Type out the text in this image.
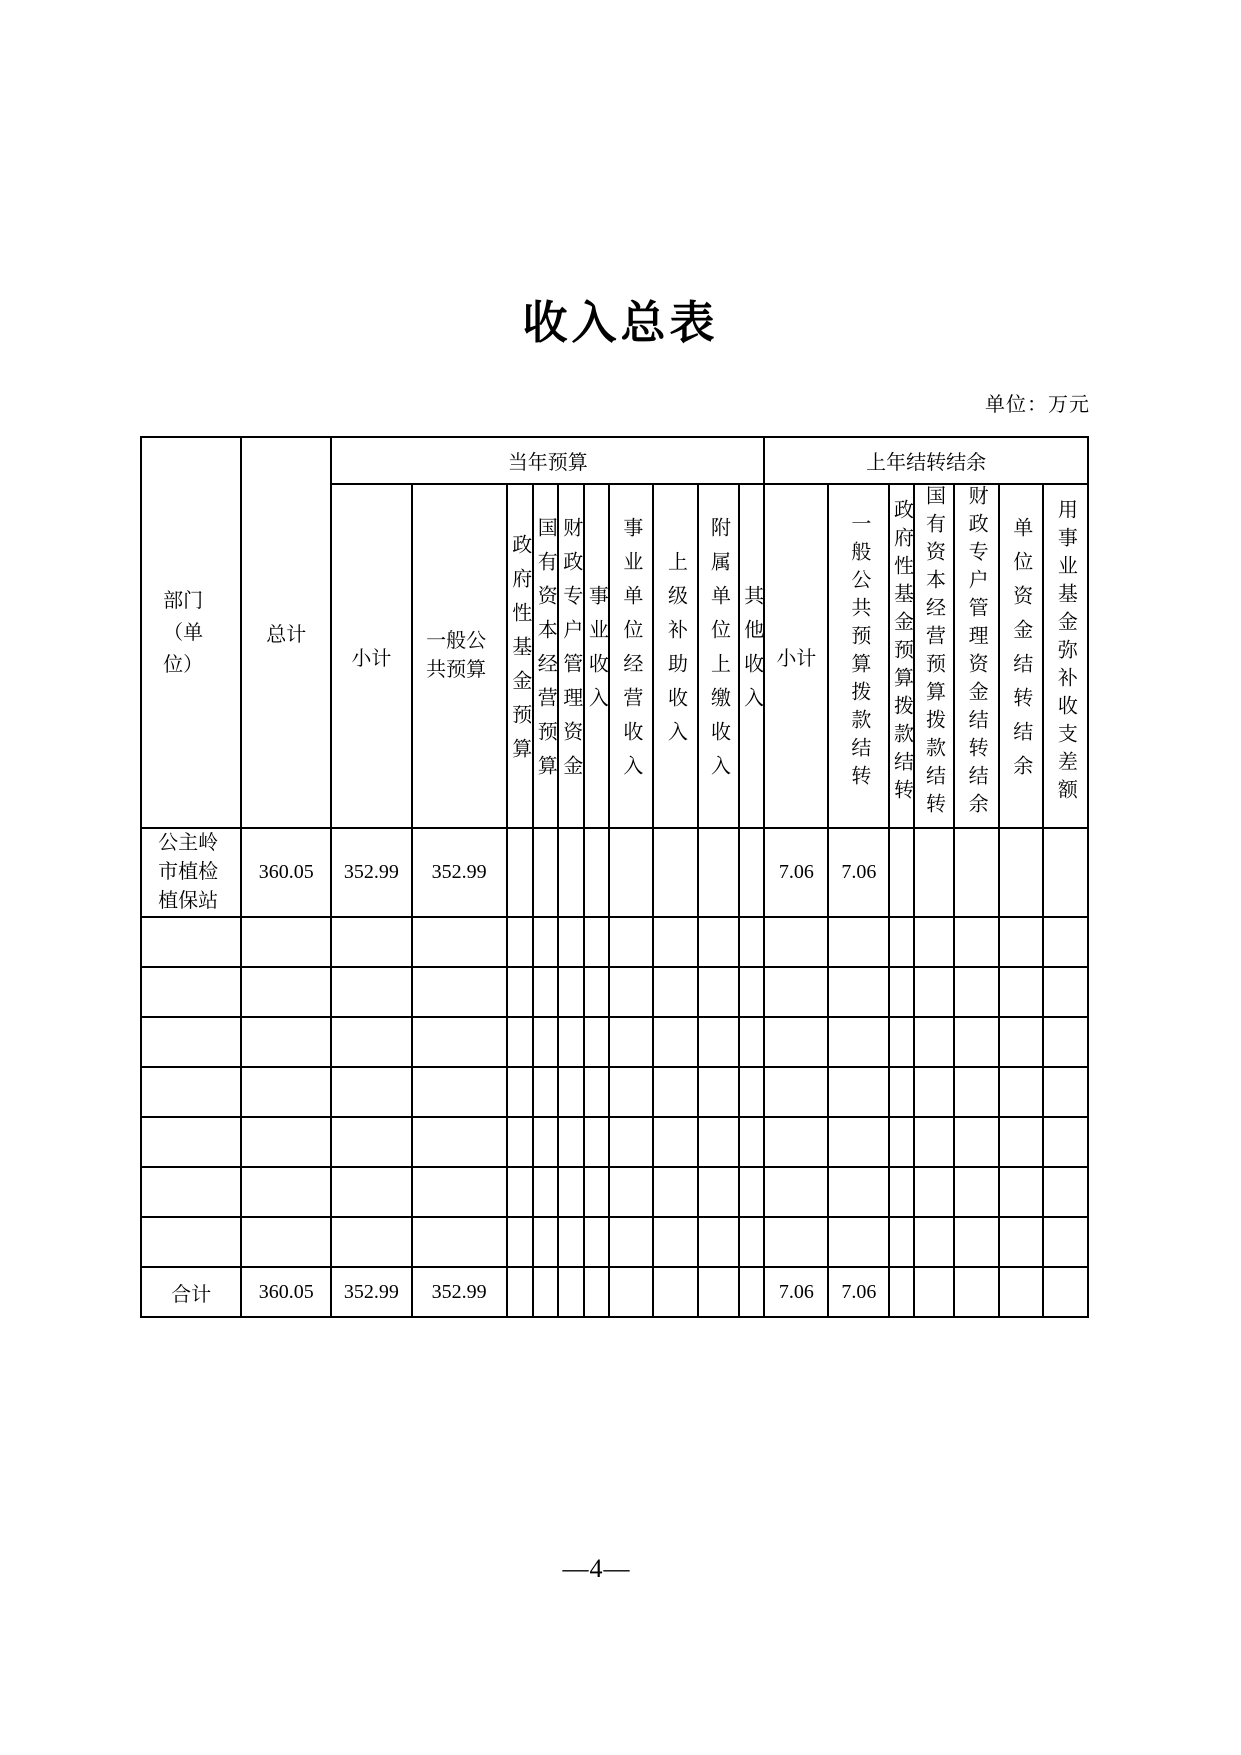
收入总表
单位：万元
部门（单位）	总计	当年预算										上年结转结余						
		小计	一般公共预算	政府性基金预算	国有资本经营预算	财政专户管理资金	事业收入	事业单位经营收入	上级补助收入	附属单位上缴收入	其他收入	小计	一般公共预算拨款结转	政府性基金预算拨款结转	国有资本经营预算拨款结转	财政专户管理资金结转结余	单位资金结转结余	用事业基金弥补收支差额

公主岭市植检植保站	360.05	352.99	352.99									7.06	7.06					

合计	360.05	352.99	352.99									7.06	7.06					
—4—
